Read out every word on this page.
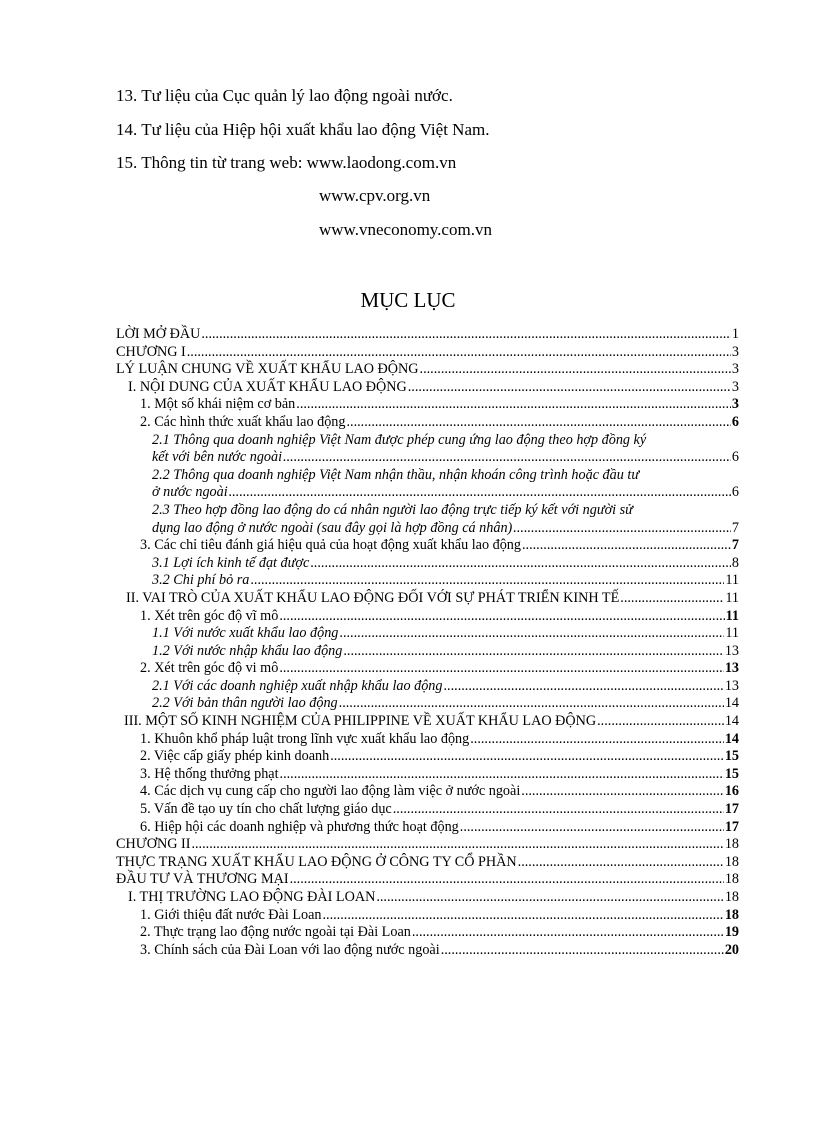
13. Tư liệu của Cục quản lý lao động ngoài nước.
14. Tư liệu của Hiệp hội xuất khẩu lao động Việt Nam.
15. Thông tin từ trang web: www.laodong.com.vn
www.cpv.org.vn
www.vneconomy.com.vn
MỤC LỤC
LỜI MỞ ĐẦU .....	1
CHƯƠNG I .....	3
LÝ LUẬN CHUNG VỀ XUẤT KHẨU LAO ĐỘNG .....	3
I. NỘI DUNG CỦA XUẤT KHẨU LAO ĐỘNG .....	3
1. Một số khái niệm cơ bản .....	3
2. Các hình thức xuất khẩu lao động .....	6
2.1 Thông qua doanh nghiệp Việt Nam được phép cung ứng lao động theo hợp đồng ký
kết với bên nước ngoài .....	6
2.2 Thông qua doanh nghiệp Việt Nam nhận thầu, nhận khoán công trình hoặc đầu tư
ở nước ngoài .....	6
2.3 Theo hợp đồng lao động do cá nhân người lao động trực tiếp ký kết với người sử
dụng lao động ở nước ngoài (sau đây gọi là hợp đồng cá nhân) .....	7
3. Các chỉ tiêu đánh giá hiệu quả của hoạt động xuất khẩu lao động .....	7
3.1 Lợi ích kinh tế đạt được .....	8
3.2 Chi phí bỏ ra .....	11
II. VAI TRÒ CỦA XUẤT KHẨU LAO ĐỘNG ĐỐI VỚI SỰ PHÁT TRIỂN KINH TẾ .....	11
1. Xét trên góc độ vĩ mô .....	11
1.1 Với nước xuất khẩu lao động .....	11
1.2 Với nước nhập khẩu lao động .....	13
2. Xét trên góc độ vi mô .....	13
2.1 Với các doanh nghiệp xuất nhập khẩu lao động .....	13
2.2 Với bản thân người lao động .....	14
III. MỘT SỐ KINH NGHIỆM CỦA PHILIPPINE VỀ XUẤT KHẨU LAO ĐỘNG .....	14
1. Khuôn khổ pháp luật trong lĩnh vực xuất khẩu lao động .....	14
2. Việc cấp giấy phép kinh doanh .....	15
3. Hệ thống thưởng phạt .....	15
4. Các dịch vụ cung cấp cho người lao động làm việc ở nước ngoài .....	16
5. Vấn đề tạo uy tín cho chất lượng giáo dục .....	17
6. Hiệp hội các doanh nghiệp và phương thức hoạt động .....	17
CHƯƠNG II .....	18
THỰC TRẠNG XUẤT KHẨU LAO ĐỘNG Ở CÔNG TY CỔ PHẦN .....	18
ĐẦU TƯ VÀ THƯƠNG MẠI .....	18
I. THỊ TRƯỜNG LAO ĐỘNG ĐÀI LOAN .....	18
1. Giới thiệu đất nước Đài Loan .....	18
2. Thực trạng lao động nước ngoài tại Đài Loan .....	19
3. Chính sách của Đài Loan với lao động nước ngoài .....	20
